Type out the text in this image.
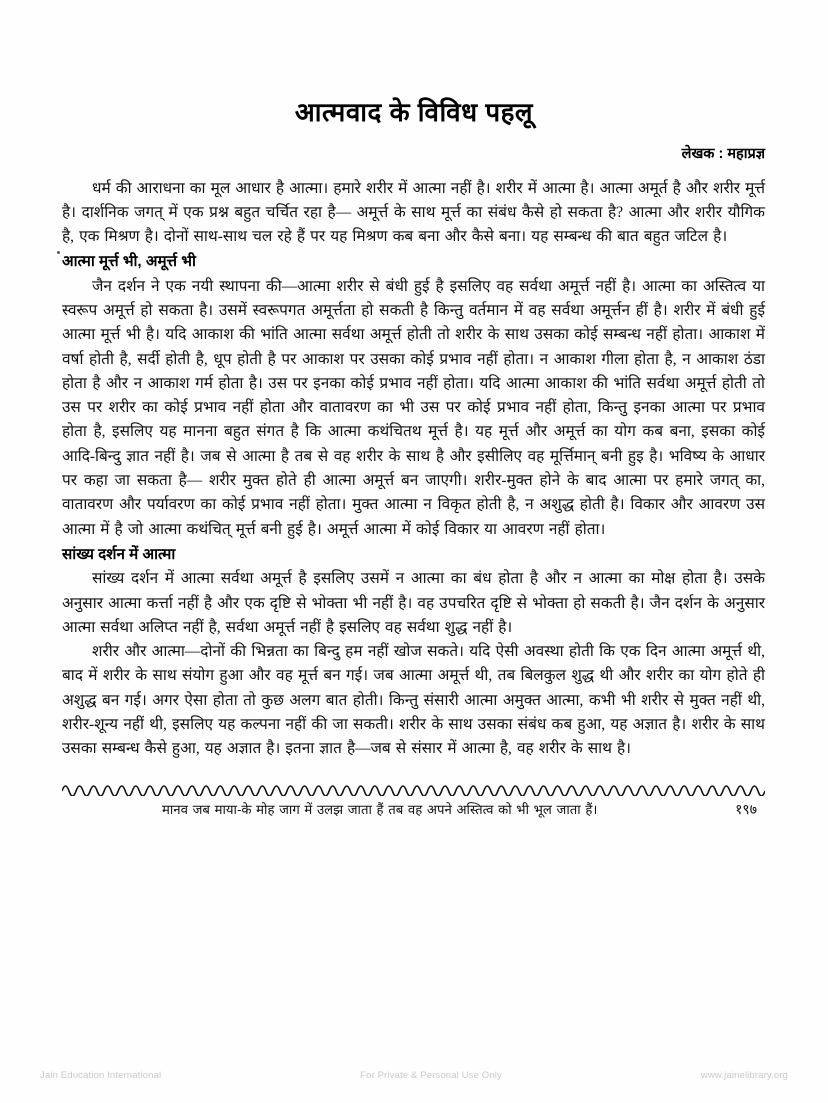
आत्मवाद के विविध पहलू
लेखक : महाप्रज्ञ

धर्म की आराधना का मूल आधार है आत्मा। हमारे शरीर में आत्मा नहीं है। शरीर में आत्मा है। आत्मा अमूर्त है और शरीर मूर्त्त है। दार्शनिक जगत् में एक प्रश्न बहुत चर्चित रहा है— अमूर्त्त के साथ मूर्त्त का संबंध कैसे हो सकता है? आत्मा और शरीर यौगिक है, एक मिश्रण है। दोनों साथ-साथ चल रहे हैं पर यह मिश्रण कब बना और कैसे बना। यह सम्बन्ध की बात बहुत जटिल है।

आत्मा मूर्त्त भी, अमूर्त्त भी

जैन दर्शन ने एक नयी स्थापना की—आत्मा शरीर से बंधी हुई है इसलिए वह सर्वथा अमूर्त्त नहीं है। आत्मा का अस्तित्व या स्वरूप अमूर्त्त हो सकता है। उसमें स्वरूपगत अमूर्त्तता हो सकती है किन्तु वर्तमान में वह सर्वथा अमूर्त्तन हीं है। शरीर में बंधी हुई आत्मा मूर्त्त भी है। यदि आकाश की भांति आत्मा सर्वथा अमूर्त्त होती तो शरीर के साथ उसका कोई सम्बन्ध नहीं होता। आकाश में वर्षा होती है, सर्दी होती है, धूप होती है पर आकाश पर उसका कोई प्रभाव नहीं होता। न आकाश गीला होता है, न आकाश ठंडा होता है और न आकाश गर्म होता है। उस पर इनका कोई प्रभाव नहीं होता। यदि आत्मा आकाश की भांति सर्वथा अमूर्त्त होती तो उस पर शरीर का कोई प्रभाव नहीं होता और वातावरण का भी उस पर कोई प्रभाव नहीं होता, किन्तु इनका आत्मा पर प्रभाव होता है, इसलिए यह मानना बहुत संगत है कि आत्मा कथंचितथ मूर्त्त है। यह मूर्त्त और अमूर्त्त का योग कब बना, इसका कोई आदि-बिन्दु ज्ञात नहीं है। जब से आत्मा है तब से वह शरीर के साथ है और इसीलिए वह मूर्त्तिमान् बनी हुइ है। भविष्य के आधार पर कहा जा सकता है— शरीर मुक्त होते ही आत्मा अमूर्त्त बन जाएगी। शरीर-मुक्त होने के बाद आत्मा पर हमारे जगत् का, वातावरण और पर्यावरण का कोई प्रभाव नहीं होता। मुक्त आत्मा न विकृत होती है, न अशुद्ध होती है। विकार और आवरण उस आत्मा में है जो आत्मा कथंचित् मूर्त्त बनी हुई है। अमूर्त्त आत्मा में कोई विकार या आवरण नहीं होता।

सांख्य दर्शन में आत्मा

सांख्य दर्शन में आत्मा सर्वथा अमूर्त्त है इसलिए उसमें न आत्मा का बंध होता है और न आत्मा का मोक्ष होता है। उसके अनुसार आत्मा कर्त्ता नहीं है और एक दृष्टि से भोक्ता भी नहीं है। वह उपचरित दृष्टि से भोक्ता हो सकती है। जैन दर्शन के अनुसार आत्मा सर्वथा अलिप्त नहीं है, सर्वथा अमूर्त्त नहीं है इसलिए वह सर्वथा शुद्ध नहीं है।

शरीर और आत्मा—दोनों की भिन्नता का बिन्दु हम नहीं खोज सकते। यदि ऐसी अवस्था होती कि एक दिन आत्मा अमूर्त्त थी, बाद में शरीर के साथ संयोग हुआ और वह मूर्त्त बन गई। जब आत्मा अमूर्त्त थी, तब बिलकुल शुद्ध थी और शरीर का योग होते ही अशुद्ध बन गई। अगर ऐसा होता तो कुछ अलग बात होती। किन्तु संसारी आत्मा अमुक्त आत्मा, कभी भी शरीर से मुक्त नहीं थी, शरीर-शून्य नहीं थी, इसलिए यह कल्पना नहीं की जा सकती। शरीर के साथ उसका संबंध कब हुआ, यह अज्ञात है। शरीर के साथ उसका सम्बन्ध कैसे हुआ, यह अज्ञात है। इतना ज्ञात है—जब से संसार में आत्मा है, वह शरीर के साथ है।

मानव जब माया-के मोह जाग में उलझ जाता हैं तब वह अपने अस्तित्व को भी भूल जाता हैं।	१९७
Jain Education International	For Private & Personal Use Only	www.jainelibrary.org
